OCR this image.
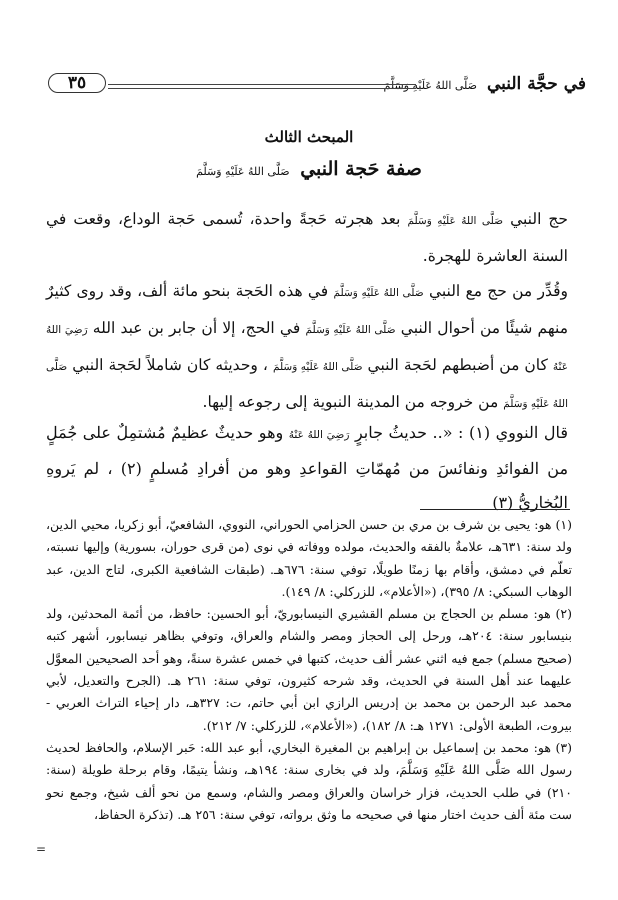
في حجَّة النبي صَلَّى اللهُ عَلَيْهِ وَسَلَّمَ
٣٥
المبحث الثالث
صفة حَجة النبي صَلَّى اللهُ عَلَيْهِ وَسَلَّمَ
حج النبي صَلَّى اللهُ عَلَيْهِ وَسَلَّمَ بعد هجرته حَجةً واحدة، تُسمى حَجة الوداع، وقعت في السنة العاشرة للهجرة.
وقُدِّر من حج مع النبي صَلَّى اللهُ عَلَيْهِ وَسَلَّمَ في هذه الحَجة بنحو مائة ألف، وقد روى كثيرٌ منهم شيئًا من أحوال النبي صَلَّى اللهُ عَلَيْهِ وَسَلَّمَ في الحج، إلا أن جابر بن عبد الله رَضِيَ اللهُ عَنْهُ كان من أضبطهم لحَجة النبي صَلَّى اللهُ عَلَيْهِ وَسَلَّمَ ، وحديثه كان شاملاً لحَجة النبي صَلَّى اللهُ عَلَيْهِ وَسَلَّمَ من خروجه من المدينة النبوية إلى رجوعه إليها.
قال النووي (١) : «.. حديثُ جابرٍ رَضِيَ اللهُ عَنْهُ وهو حديثٌ عظيمٌ مُشتمِلٌ على جُمَلٍ من الفوائدِ ونفائسَ من مُهمّاتِ القواعدِ وهو من أفرادِ مُسلمٍ (٢) ، لم يَروهِ البُخاريُّ (٣)

(١) هو: يحيى بن شرف بن مري بن حسن الحزامي الحوراني، النووي، الشافعيّ، أبو زكريا، محيي الدين، ولد سنة: ٦٣١هـ، علامةٌ بالفقه والحديث، مولده ووفاته في نوى (من قرى حوران، بسورية) وإليها نسبته، تعلّم في دمشق، وأقام بها زمنًا طويلًا، توفي سنة: ٦٧٦هـ. (طبقات الشافعية الكبرى، لتاج الدين، عبد الوهاب السبكي: ٨/ ٣٩٥)، («الأعلام»، للزركلي: ٨/ ١٤٩).

(٢) هو: مسلم بن الحجاج بن مسلم القشيري النيسابوريّ، أبو الحسين: حافظ، من أئمة المحدثين، ولد بنيسابور سنة: ٢٠٤هـ، ورحل إلى الحجاز ومصر والشام والعراق، وتوفي بظاهر نيسابور، أشهر كتبه (صحيح مسلم) جمع فيه اثني عشر ألف حديث، كتبها في خمس عشرة سنةً، وهو أحد الصحيحين المعوَّل عليهما عند أهل السنة في الحديث، وقد شرحه كثيرون، توفي سنة: ٢٦١ هـ. (الجرح والتعديل، لأبي محمد عبد الرحمن بن محمد بن إدريس الرازي ابن أبي حاتم، ت: ٣٢٧هـ، دار إحياء التراث العربي - بيروت، الطبعة الأولى: ١٢٧١ هـ: ٨/ ١٨٢)، («الأعلام»، للزركلي: ٧/ ٢١٢).

(٣) هو: محمد بن إسماعيل بن إبراهيم بن المغيرة البخاري، أبو عبد الله: حَبر الإسلام، والحافظ لحديث رسول الله صَلَّى اللهُ عَلَيْهِ وَسَلَّمَ، ولد في بخارى سنة: ١٩٤هـ، ونشأ يتيمًا، وقام برحلة طويلة (سنة: ٢١٠) في طلب الحديث، فزار خراسان والعراق ومصر والشام، وسمع من نحو ألف شيخ، وجمع نحو ست مئة ألف حديث اختار منها في صحيحه ما وثق برواته، توفي سنة: ٢٥٦ هـ. (تذكرة الحفاظ،

=
